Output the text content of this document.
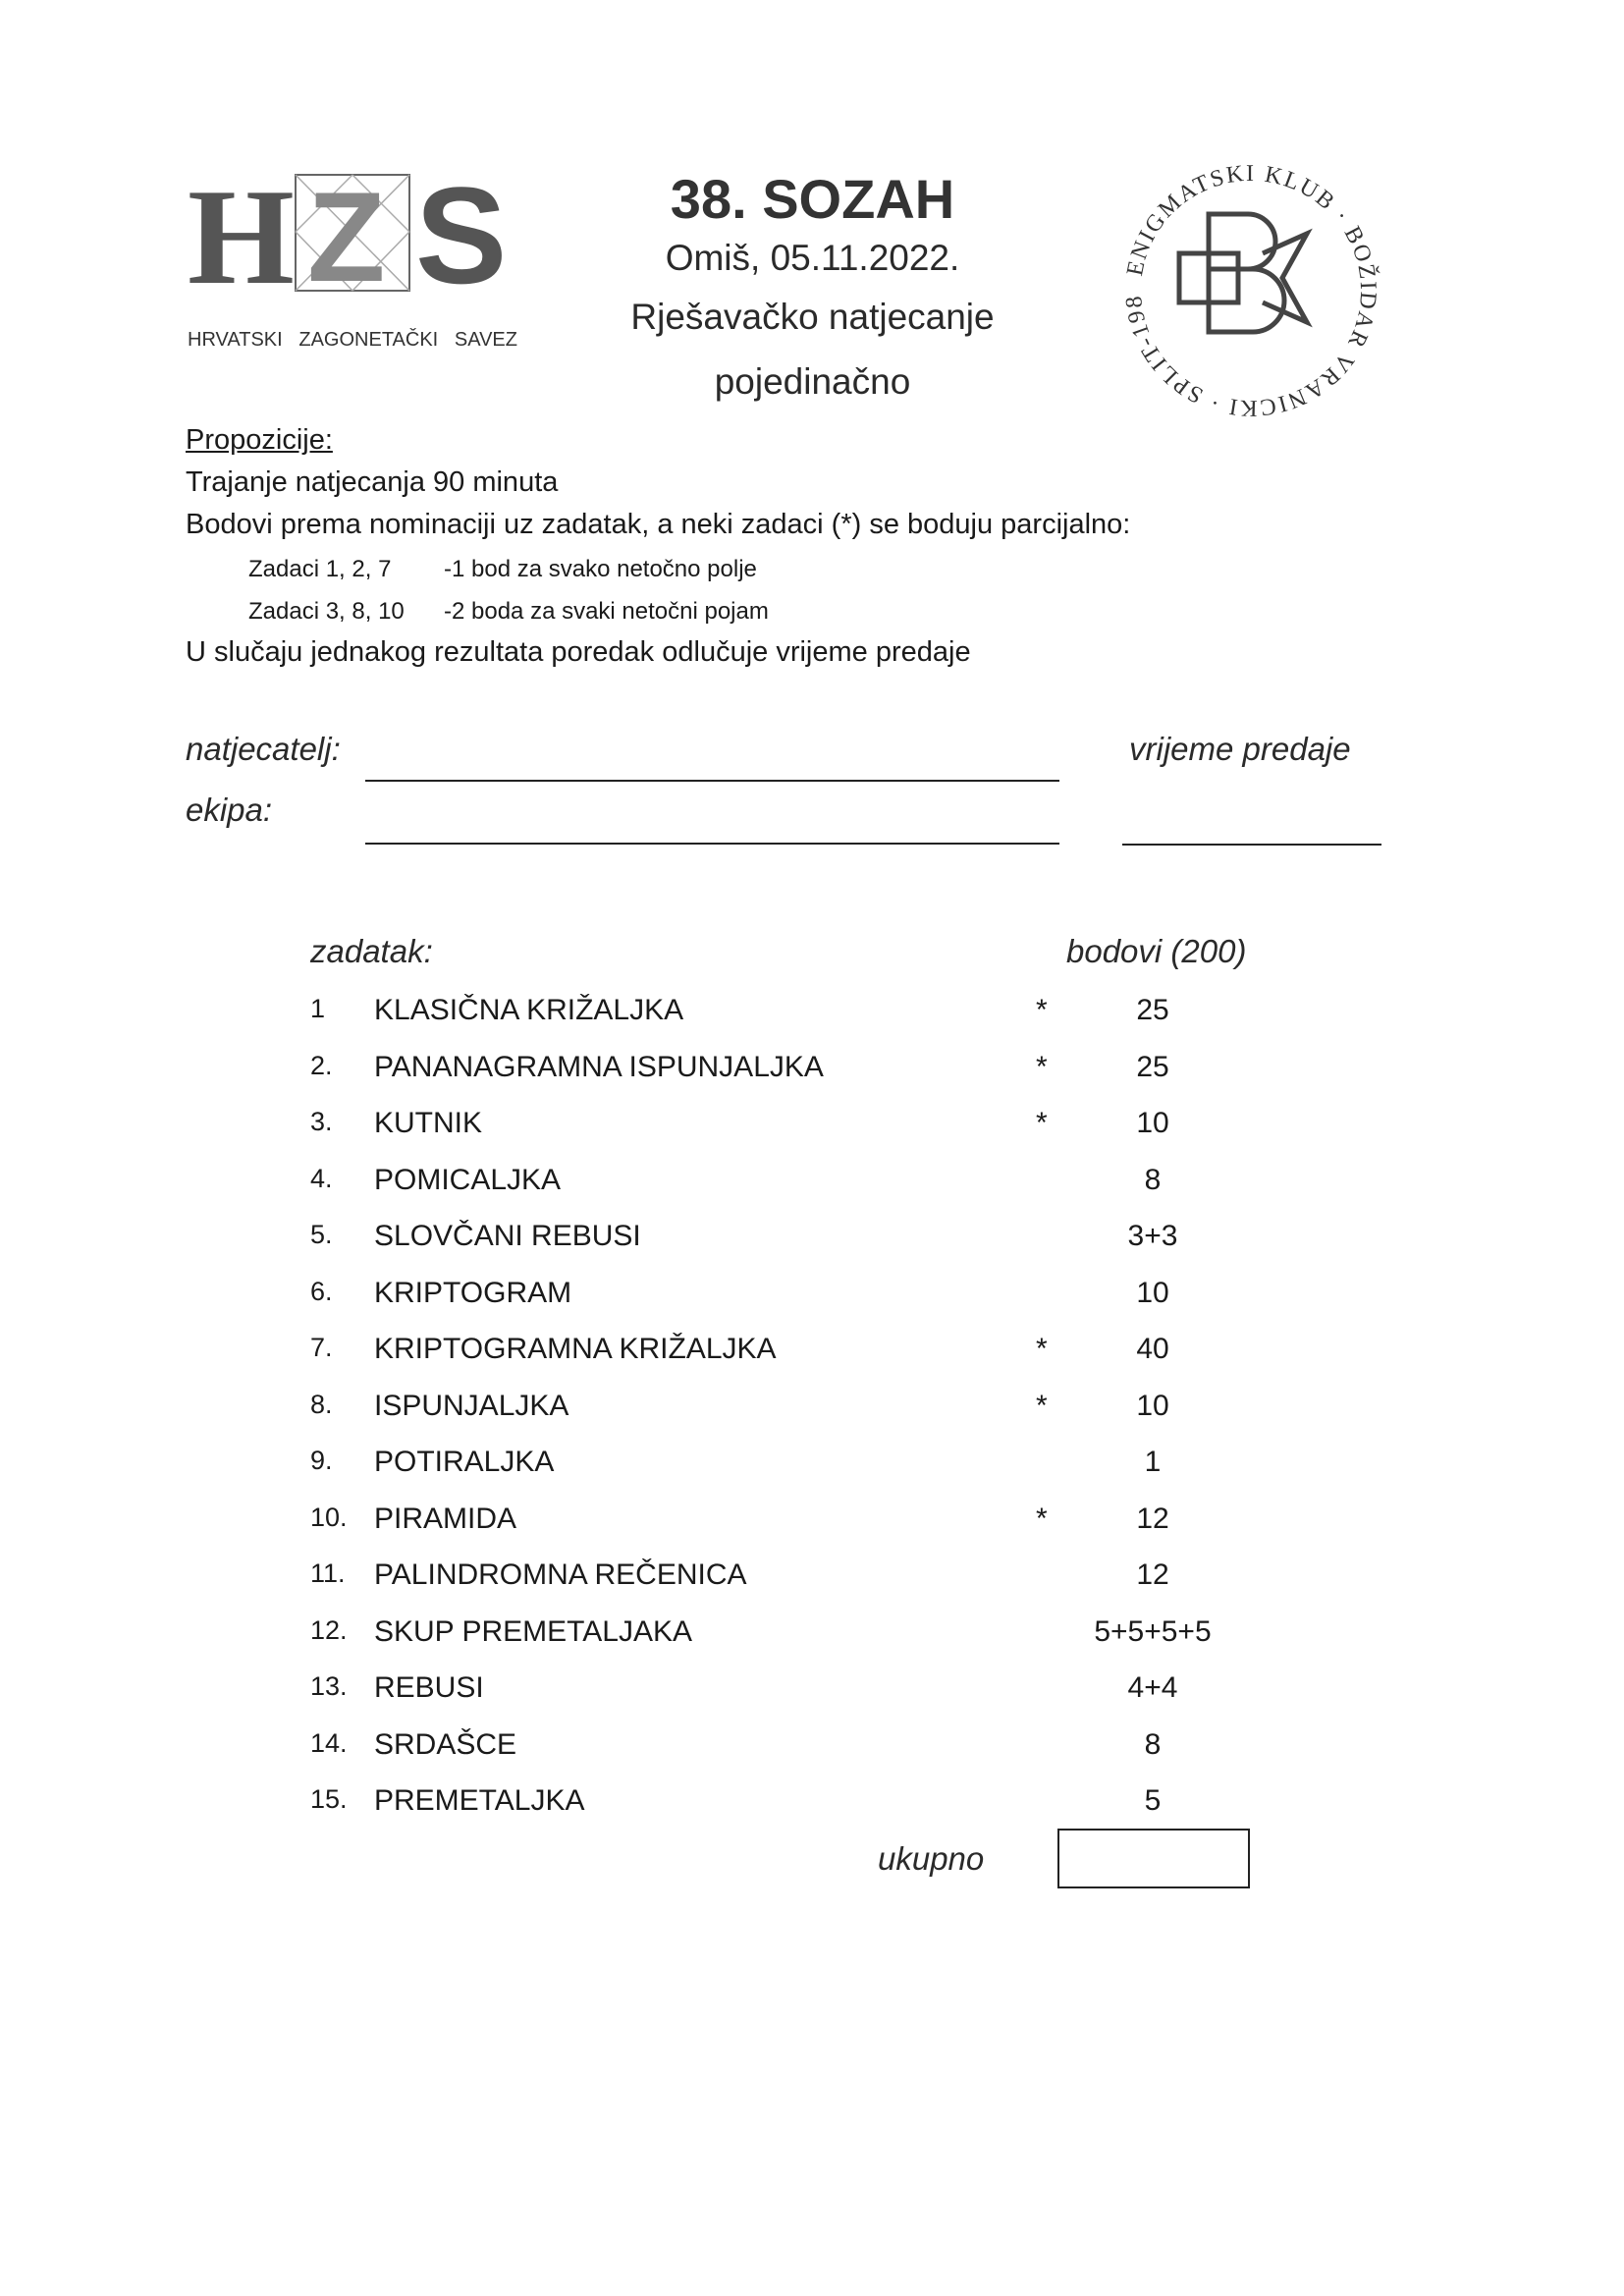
H Z S
HRVATSKI   ZAGONETAČKI   SAVEZ
38. SOZAH
Omiš, 05.11.2022.
Rješavačko natjecanje
pojedinačno
ENIGMATSKI KLUB · BOŽIDAR VRANICKI · SPLIT-198
Propozicije:
Trajanje natjecanja 90 minuta
Bodovi prema nominaciji uz zadatak, a neki zadaci (*) se boduju parcijalno:
Zadaci 1, 2, 7 -1 bod za svako netočno polje
Zadaci 3, 8, 10 -2 boda za svaki netočni pojam
U slučaju jednakog rezultata poredak odlučuje vrijeme predaje
natjecatelj:	vrijeme predaje
ekipa:
zadatak:	bodovi (200)
1 KLASIČNA KRIŽALJKA	*	25
2. PANANAGRAMNA ISPUNJALJKA	*	25
3. KUTNIK	*	10
4. POMICALJKA	8
5. SLOVČANI REBUSI	3+3
6. KRIPTOGRAM	10
7. KRIPTOGRAMNA KRIŽALJKA	*	40
8. ISPUNJALJKA	*	10
9. POTIRALJKA	1
10. PIRAMIDA	*	12
11. PALINDROMNA REČENICA	12
12. SKUP PREMETALJAKA	5+5+5+5
13. REBUSI	4+4
14. SRDAŠCE	8
15. PREMETALJKA	5
ukupno
